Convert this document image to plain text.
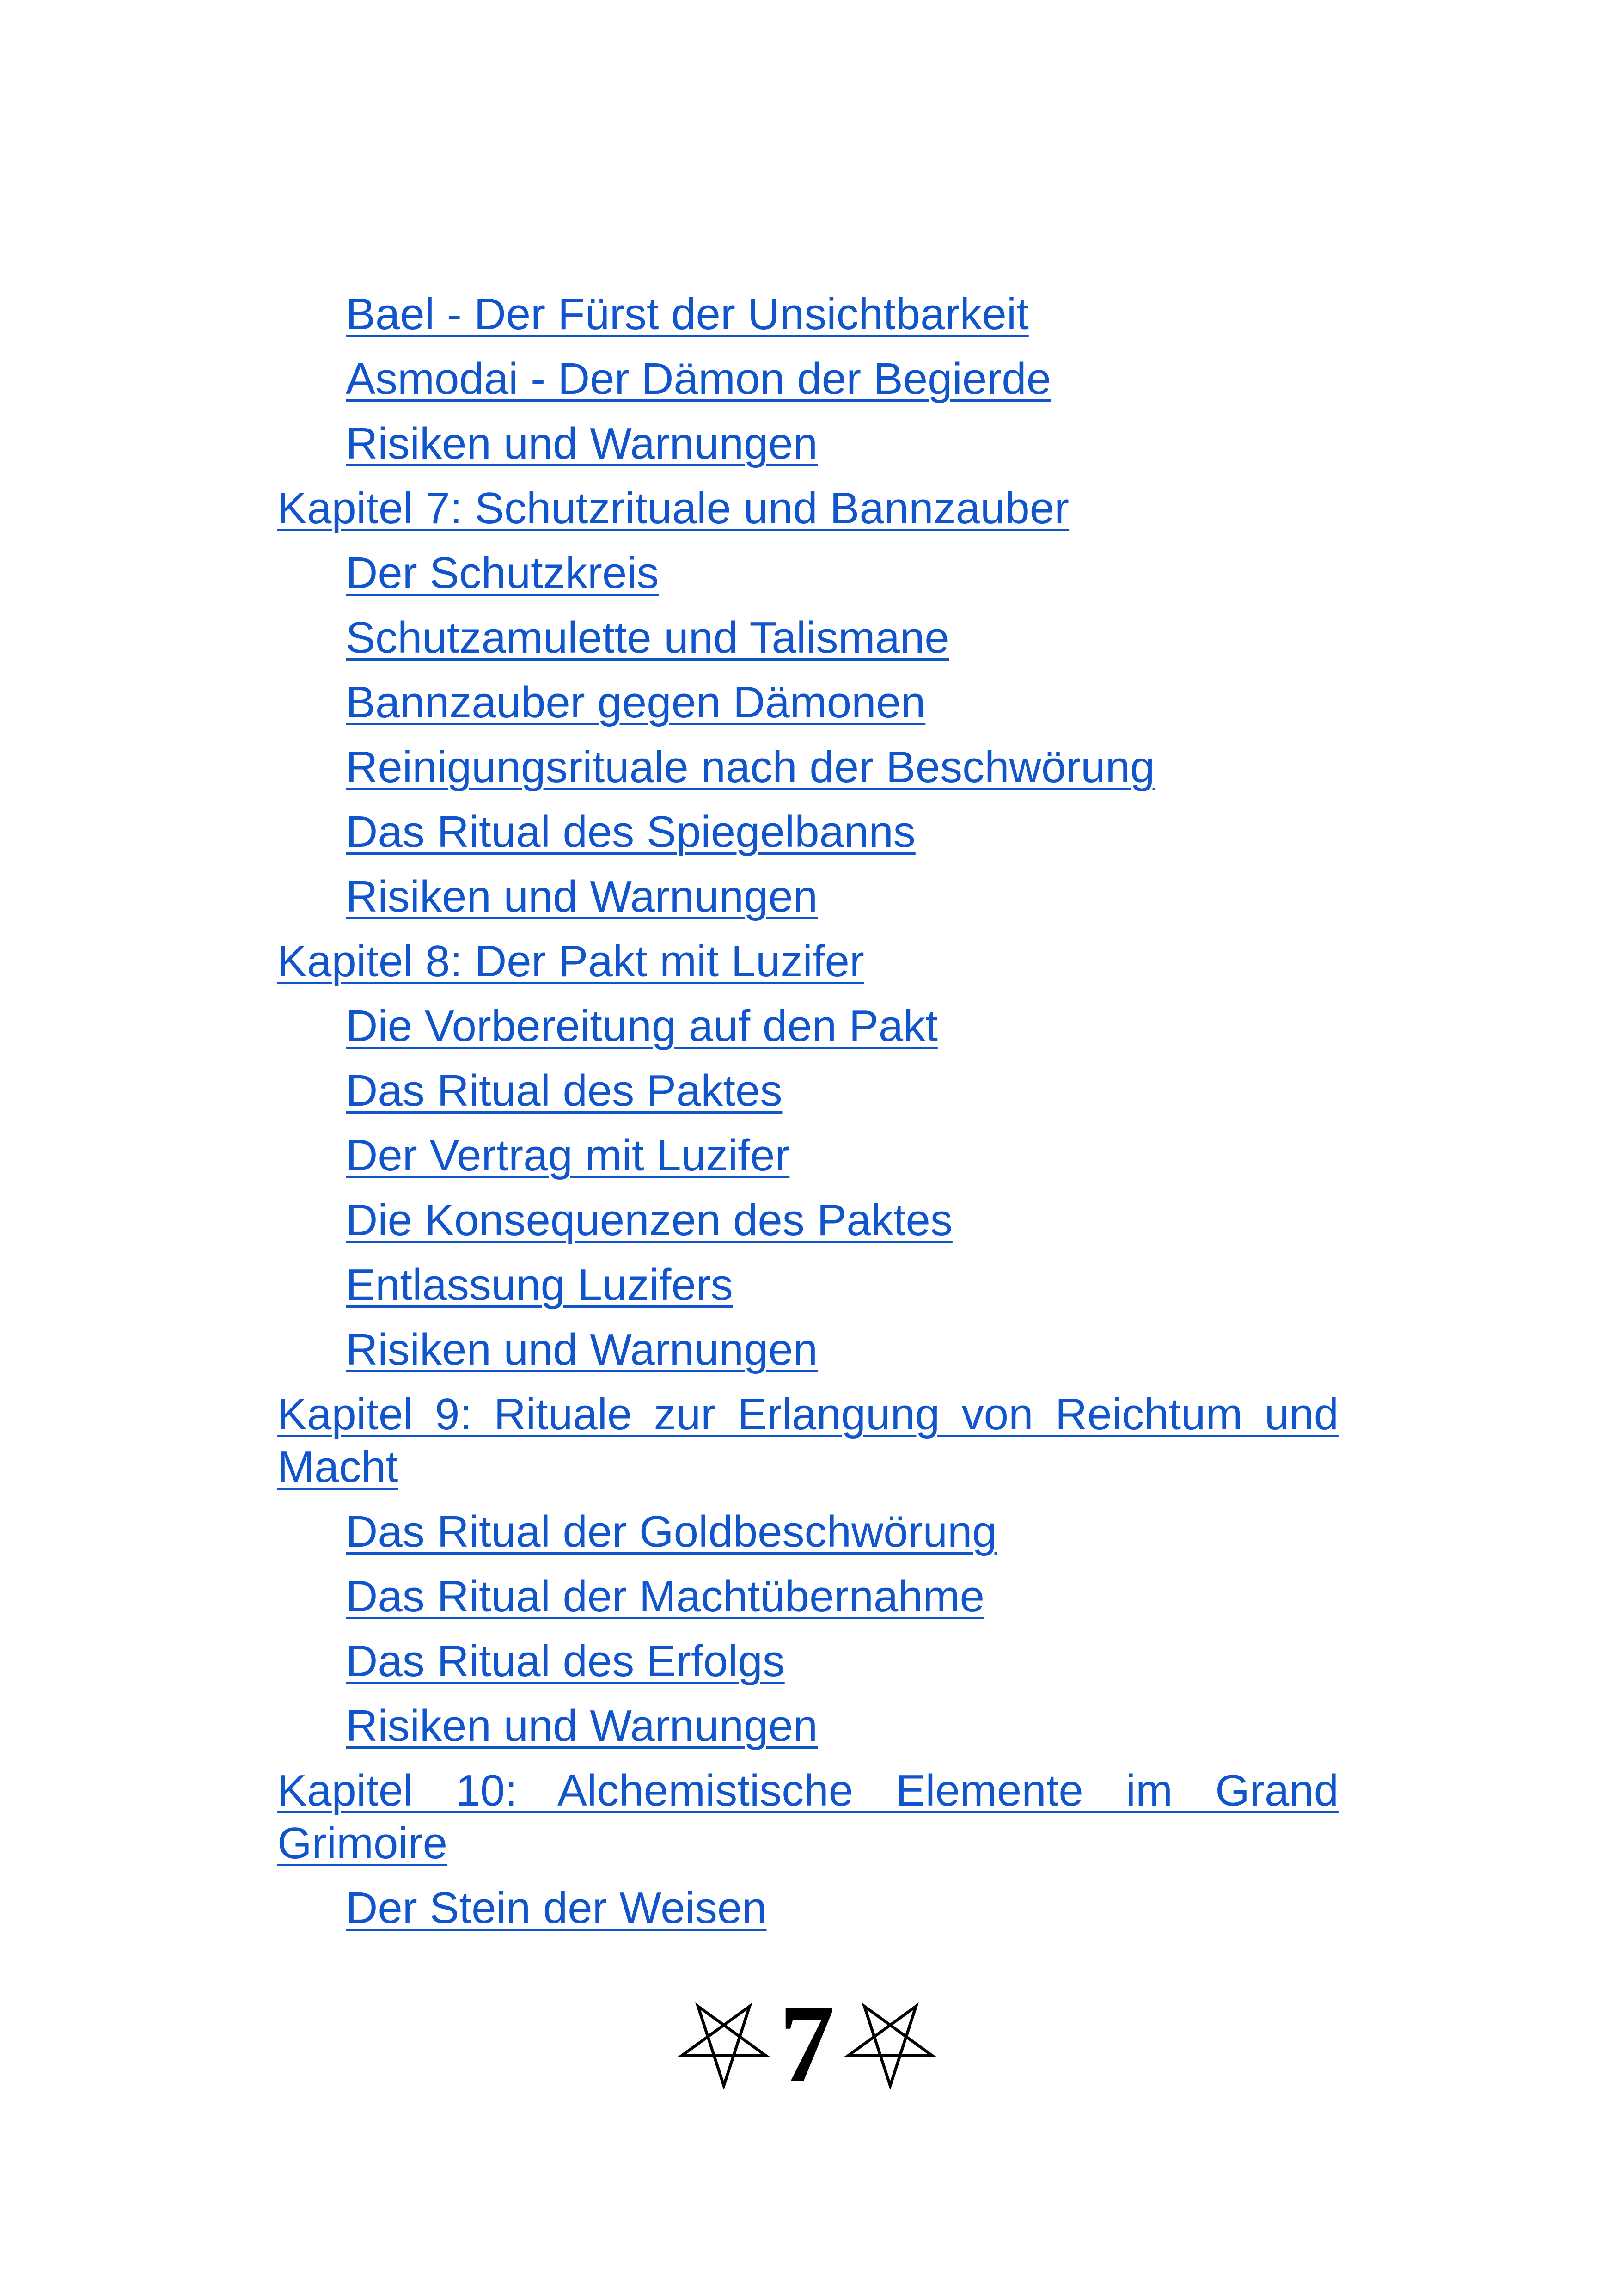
Bael - Der Fürst der Unsichtbarkeit
Asmodai - Der Dämon der Begierde
Risiken und Warnungen
Kapitel 7: Schutzrituale und Bannzauber
Der Schutzkreis
Schutzamulette und Talismane
Bannzauber gegen Dämonen
Reinigungsrituale nach der Beschwörung
Das Ritual des Spiegelbanns
Risiken und Warnungen
Kapitel 8: Der Pakt mit Luzifer
Die Vorbereitung auf den Pakt
Das Ritual des Paktes
Der Vertrag mit Luzifer
Die Konsequenzen des Paktes
Entlassung Luzifers
Risiken und Warnungen
Kapitel 9: Rituale zur Erlangung von Reichtum und Macht
Das Ritual der Goldbeschwörung
Das Ritual der Machtübernahme
Das Ritual des Erfolgs
Risiken und Warnungen
Kapitel 10: Alchemistische Elemente im Grand Grimoire
Der Stein der Weisen
7
